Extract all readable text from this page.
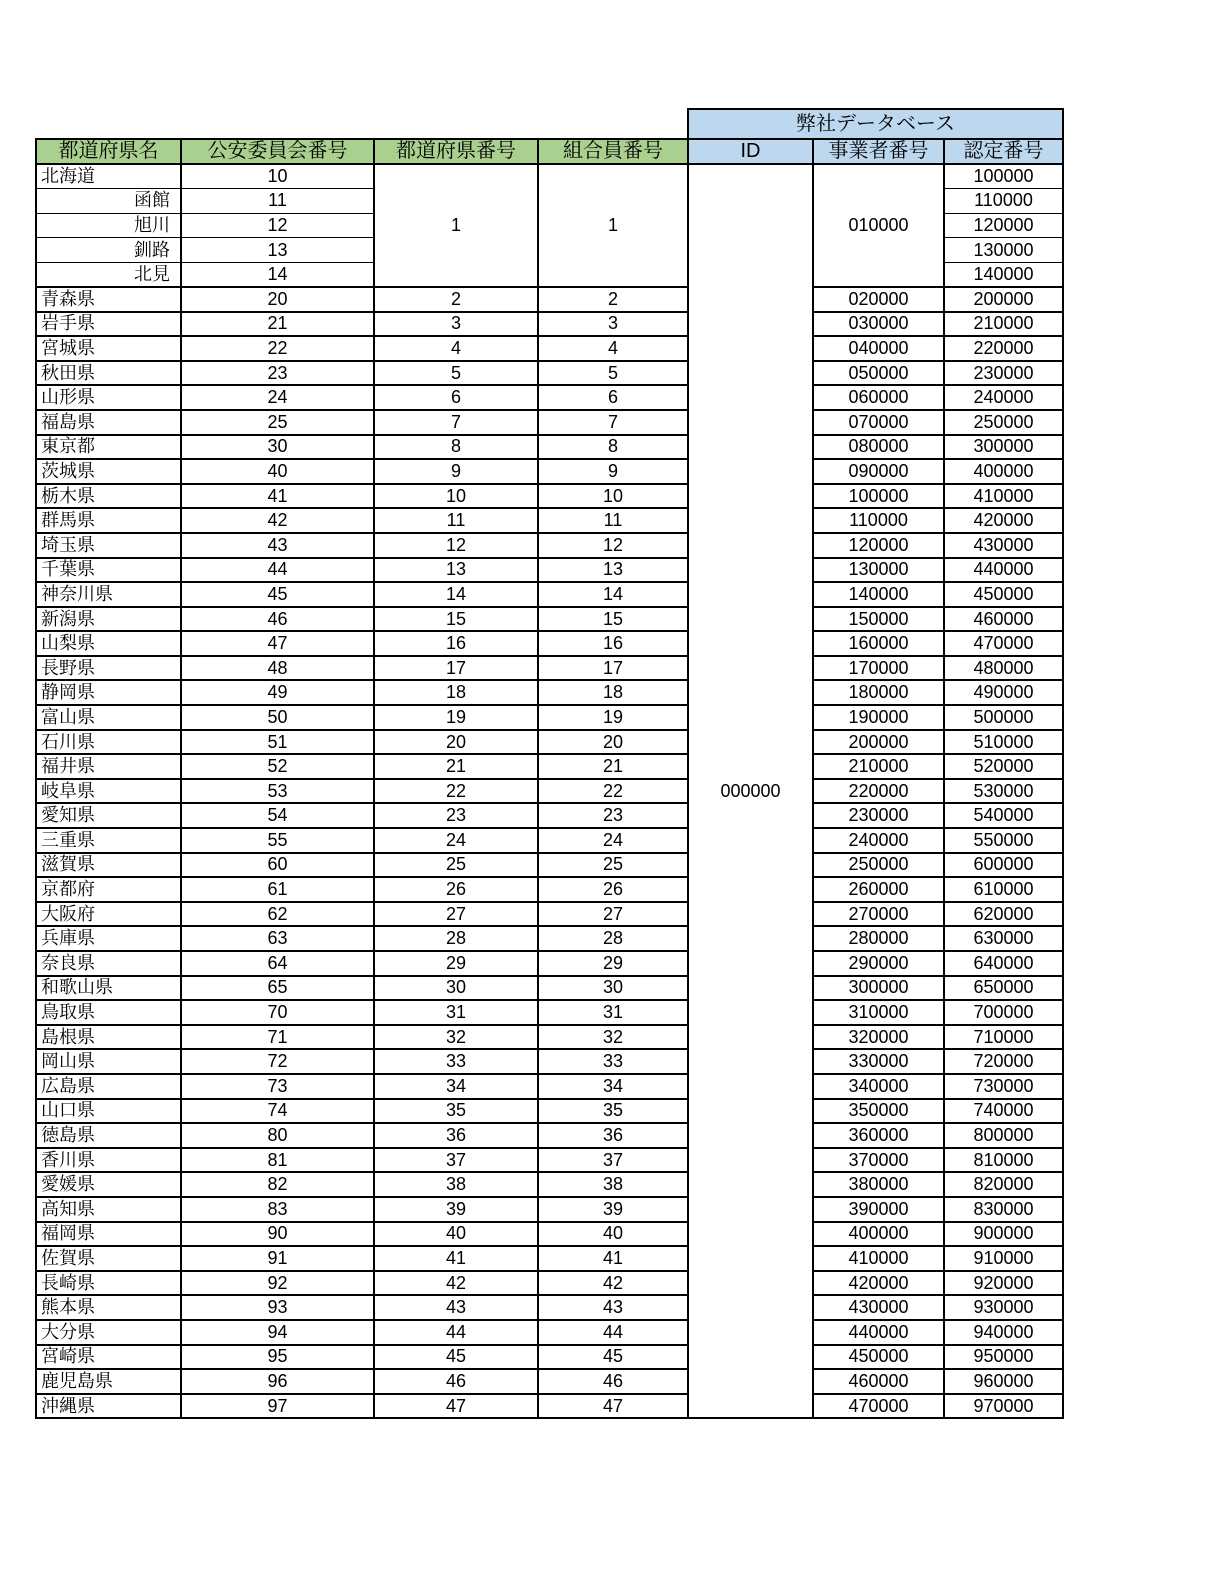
				弊社データベース		
都道府県名	公安委員会番号	都道府県番号	組合員番号	ID	事業者番号	認定番号
北海道	10	1	1	000000	010000	100000
函館	11					110000
旭川	12					120000
釧路	13					130000
北見	14					140000
青森県	20	2	2		020000	200000
岩手県	21	3	3		030000	210000
宮城県	22	4	4		040000	220000
秋田県	23	5	5		050000	230000
山形県	24	6	6		060000	240000
福島県	25	7	7		070000	250000
東京都	30	8	8		080000	300000
茨城県	40	9	9		090000	400000
栃木県	41	10	10		100000	410000
群馬県	42	11	11		110000	420000
埼玉県	43	12	12		120000	430000
千葉県	44	13	13		130000	440000
神奈川県	45	14	14		140000	450000
新潟県	46	15	15		150000	460000
山梨県	47	16	16		160000	470000
長野県	48	17	17		170000	480000
静岡県	49	18	18		180000	490000
富山県	50	19	19		190000	500000
石川県	51	20	20		200000	510000
福井県	52	21	21		210000	520000
岐阜県	53	22	22		220000	530000
愛知県	54	23	23		230000	540000
三重県	55	24	24		240000	550000
滋賀県	60	25	25		250000	600000
京都府	61	26	26		260000	610000
大阪府	62	27	27		270000	620000
兵庫県	63	28	28		280000	630000
奈良県	64	29	29		290000	640000
和歌山県	65	30	30		300000	650000
鳥取県	70	31	31		310000	700000
島根県	71	32	32		320000	710000
岡山県	72	33	33		330000	720000
広島県	73	34	34		340000	730000
山口県	74	35	35		350000	740000
徳島県	80	36	36		360000	800000
香川県	81	37	37		370000	810000
愛媛県	82	38	38		380000	820000
高知県	83	39	39		390000	830000
福岡県	90	40	40		400000	900000
佐賀県	91	41	41		410000	910000
長崎県	92	42	42		420000	920000
熊本県	93	43	43		430000	930000
大分県	94	44	44		440000	940000
宮崎県	95	45	45		450000	950000
鹿児島県	96	46	46		460000	960000
沖縄県	97	47	47		470000	970000
